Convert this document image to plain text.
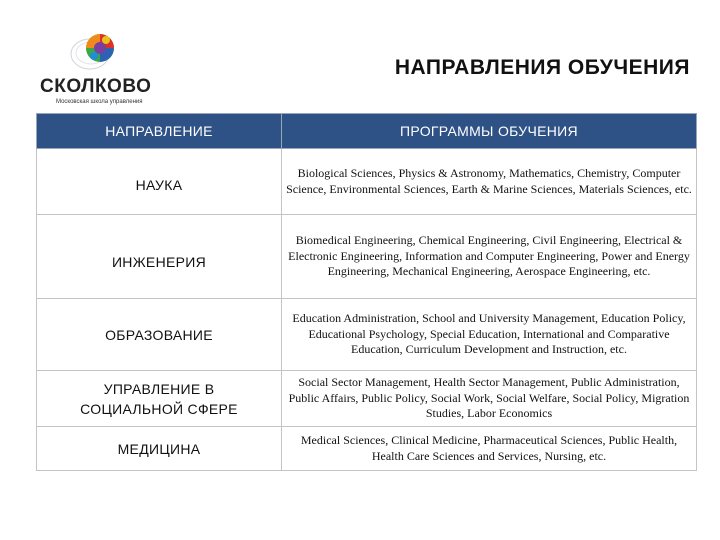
СКОЛКОВО
Московская школа управления
НАПРАВЛЕНИЯ ОБУЧЕНИЯ
НАПРАВЛЕНИЕ	ПРОГРАММЫ ОБУЧЕНИЯ
НАУКА	Biological Sciences, Physics & Astronomy, Mathematics, Chemistry, Computer Science, Environmental Sciences, Earth & Marine Sciences, Materials Sciences, etc.
ИНЖЕНЕРИЯ	Biomedical Engineering, Chemical Engineering, Civil Engineering, Electrical & Electronic Engineering, Information and Computer Engineering, Power and Energy Engineering, Mechanical Engineering, Aerospace Engineering, etc.
ОБРАЗОВАНИЕ	Education Administration, School and University Management, Education Policy, Educational Psychology, Special Education, International and Comparative Education, Curriculum Development and Instruction, etc.
УПРАВЛЕНИЕ В СОЦИАЛЬНОЙ СФЕРЕ	Social Sector Management, Health Sector Management, Public Administration, Public Affairs, Public Policy, Social Work, Social Welfare, Social Policy, Migration Studies, Labor Economics
МЕДИЦИНА	Medical Sciences, Clinical Medicine, Pharmaceutical Sciences, Public Health, Health Care Sciences and Services, Nursing, etc.
